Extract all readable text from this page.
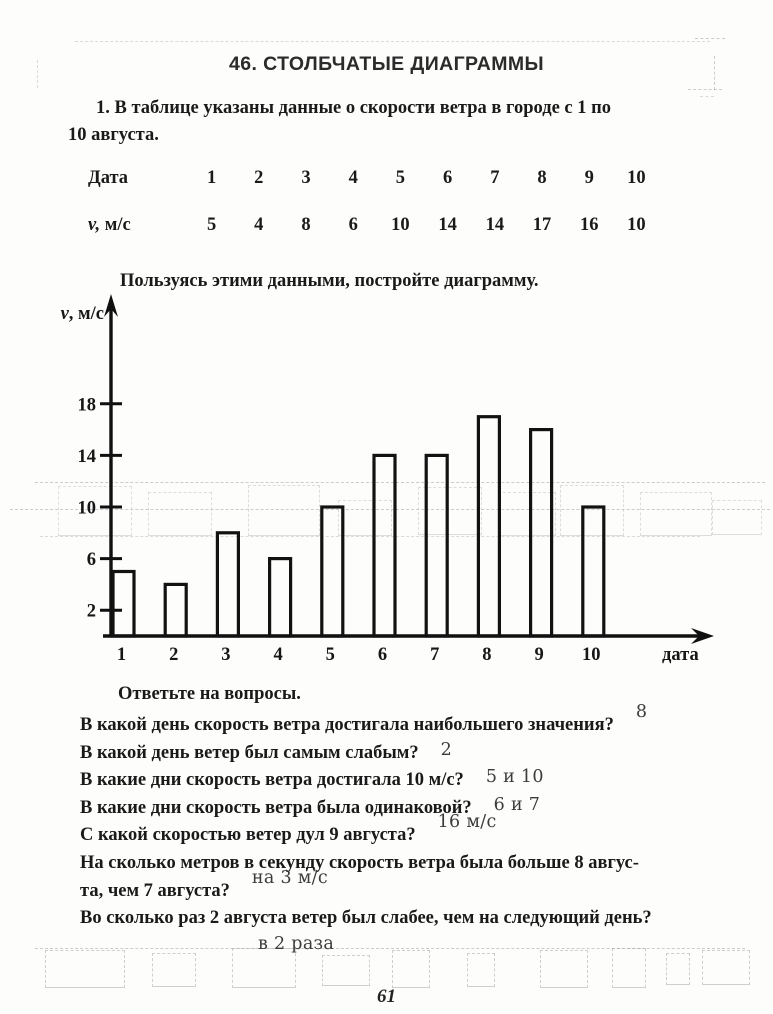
46. СТОЛБЧАТЫЕ ДИАГРАММЫ
1. В таблице указаны данные о скорости ветра в городе с 1 по
10 августа.
Дата	1	2	3	4	5	6	7	8	9	10
v, м/с	5	4	8	6	10	14	14	17	16	10

Пользуясь этими данными, постройте диаграмму.

v, м/с
дата
2
6
10
14
18
1 2 3 4 5 6 7 8 9 10

Ответьте на вопросы.

В какой день скорость ветра достигала наибольшего значения?8

В какой день ветер был самым слабым? 2

В какие дни скорость ветра достигала 10 м/с? 5 и 10

В какие дни скорость ветра была одинаковой? 6 и 7

С какой скоростью ветер дул 9 августа?16 м/с

На сколько метров в секунду скорость ветра была больше 8 авгус-

та, чем 7 августа?на 3 м/с

Во сколько раз 2 августа ветер был слабее, чем на следующий день?

в 2 раза

61
